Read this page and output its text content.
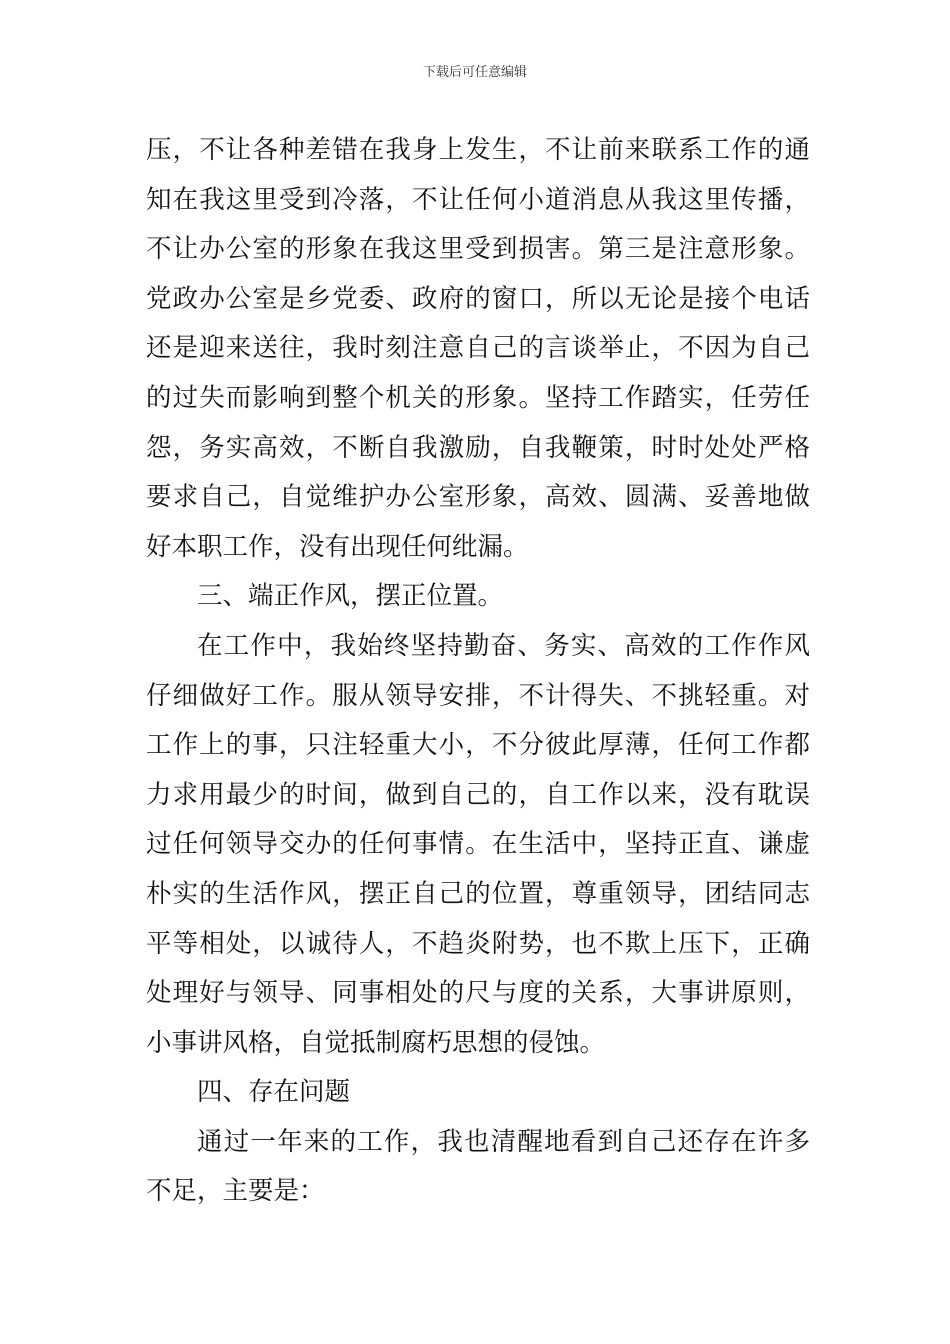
下载后可任意编辑
压，不让各种差错在我身上发生，不让前来联系工作的通
知在我这里受到冷落，不让任何小道消息从我这里传播，
不让办公室的形象在我这里受到损害。第三是注意形象。
党政办公室是乡党委、政府的窗口，所以无论是接个电话
还是迎来送往，我时刻注意自己的言谈举止，不因为自己
的过失而影响到整个机关的形象。坚持工作踏实，任劳任
怨，务实高效，不断自我激励，自我鞭策，时时处处严格
要求自己，自觉维护办公室形象，高效、圆满、妥善地做
好本职工作，没有出现任何纰漏。
三、端正作风，摆正位置。
在工作中，我始终坚持勤奋、务实、高效的工作作风
仔细做好工作。服从领导安排，不计得失、不挑轻重。对
工作上的事，只注轻重大小，不分彼此厚薄，任何工作都
力求用最少的时间，做到自己的，自工作以来，没有耽误
过任何领导交办的任何事情。在生活中，坚持正直、谦虚
朴实的生活作风，摆正自己的位置，尊重领导，团结同志
平等相处，以诚待人，不趋炎附势，也不欺上压下，正确
处理好与领导、同事相处的尺与度的关系，大事讲原则，
小事讲风格，自觉抵制腐朽思想的侵蚀。
四、存在问题
通过一年来的工作，我也清醒地看到自己还存在许多
不足，主要是：
